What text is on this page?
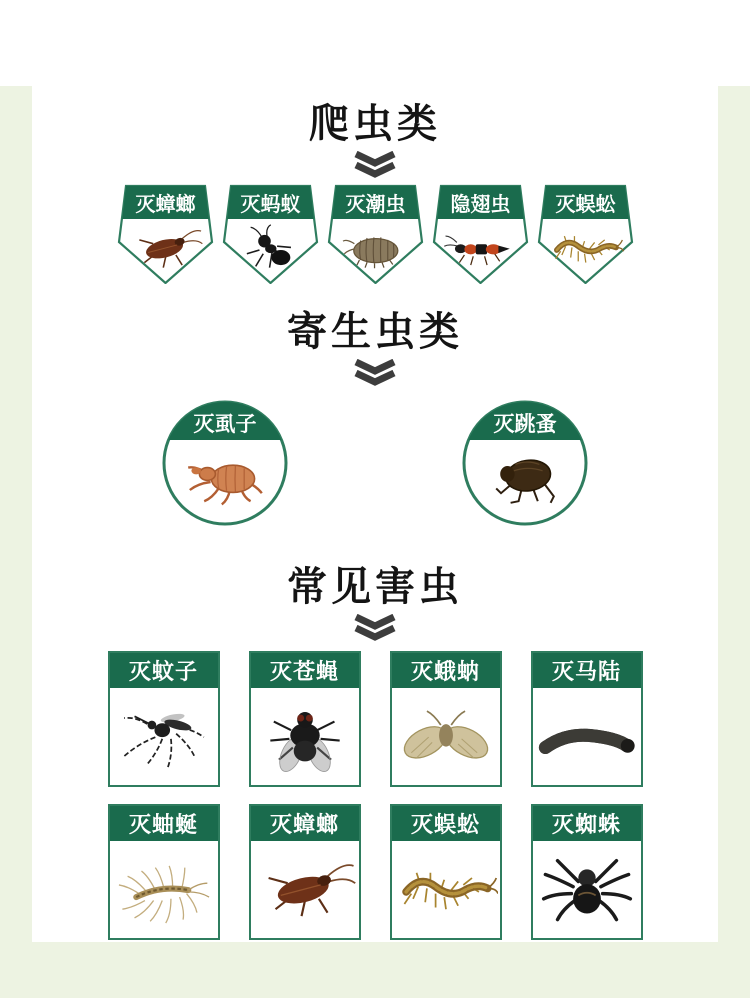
爬虫类
灭蟑螂 灭蚂蚁 灭潮虫 隐翅虫 灭蜈蚣
寄生虫类
灭虱子	灭跳蚤
常见害虫
灭蚊子	灭苍蝇	灭蛾蚋	灭马陆
灭蚰蜒	灭蟑螂	灭蜈蚣	灭蜘蛛
